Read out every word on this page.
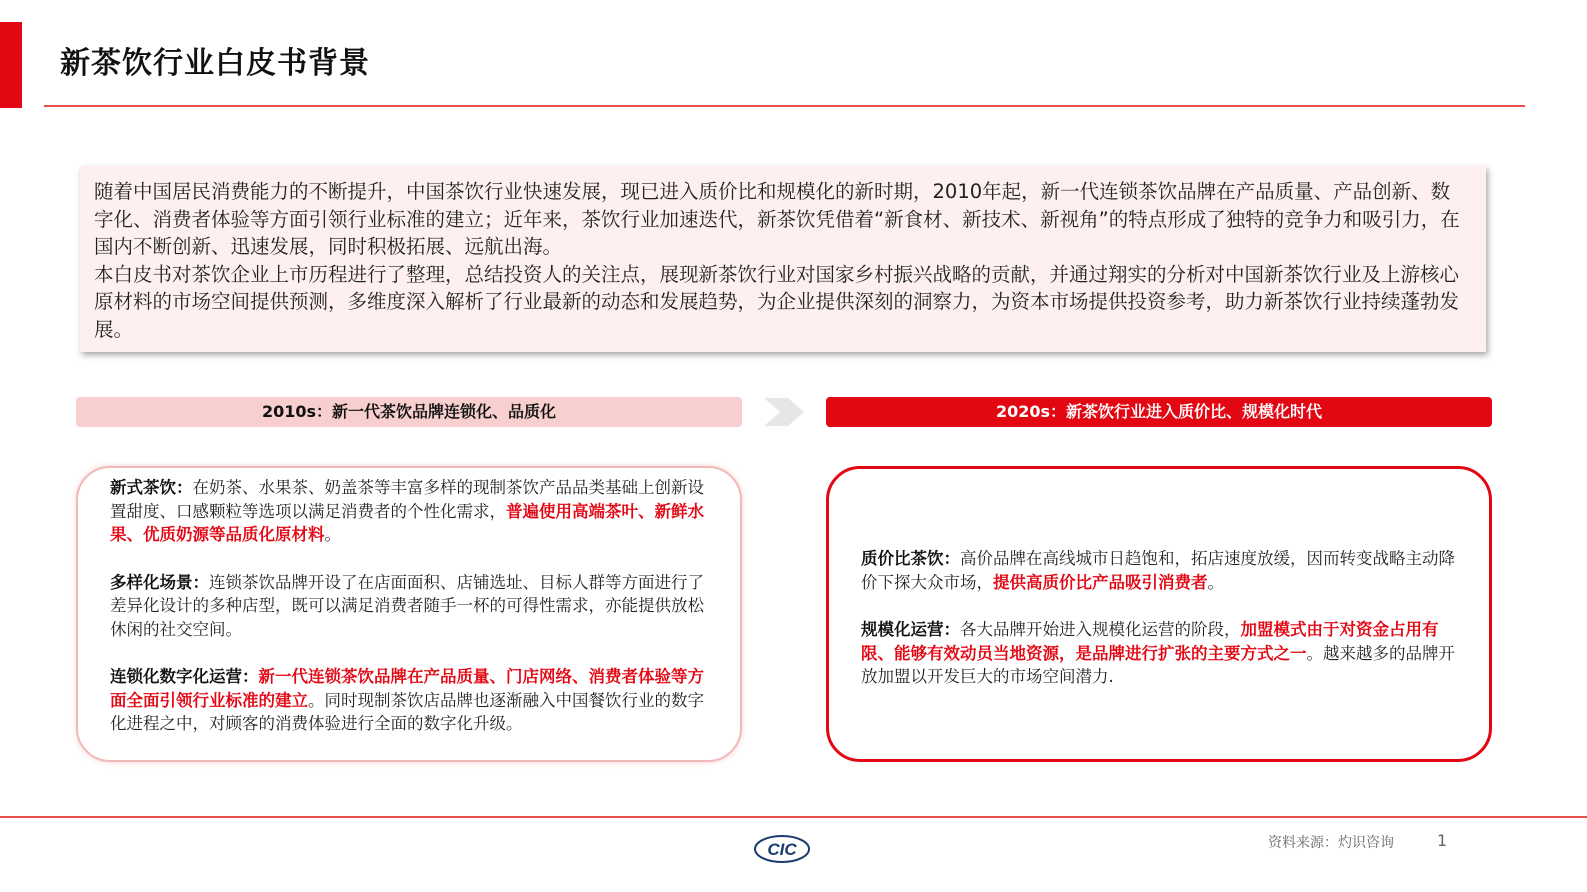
新茶饮行业白皮书背景

随着中国居民消费能力的不断提升，中国茶饮行业快速发展，现已进入质价比和规模化的新时期，2010年起，新一代连锁茶饮品牌在产品质量、产品创新、数字化、消费者体验等方面引领行业标准的建立；近年来，茶饮行业加速迭代，新茶饮凭借着“新食材、新技术、新视角”的特点形成了独特的竞争力和吸引力，在国内不断创新、迅速发展，同时积极拓展、远航出海。

本白皮书对茶饮企业上市历程进行了整理，总结投资人的关注点，展现新茶饮行业对国家乡村振兴战略的贡献，并通过翔实的分析对中国新茶饮行业及上游核心原材料的市场空间提供预测，多维度深入解析了行业最新的动态和发展趋势，为企业提供深刻的洞察力，为资本市场提供投资参考，助力新茶饮行业持续蓬勃发展。

2010s：新一代茶饮品牌连锁化、品质化	2020s：新茶饮行业进入质价比、规模化时代
新式茶饮：在奶茶、水果茶、奶盖茶等丰富多样的现制茶饮产品品类基础上创新设置甜度、口感颗粒等选项以满足消费者的个性化需求，普遍使用高端茶叶、新鲜水果、优质奶源等品质化原材料。
多样化场景：连锁茶饮品牌开设了在店面面积、店铺选址、目标人群等方面进行了差异化设计的多种店型，既可以满足消费者随手一杯的可得性需求，亦能提供放松休闲的社交空间。
连锁化数字化运营：新一代连锁茶饮品牌在产品质量、门店网络、消费者体验等方面全面引领行业标准的建立。同时现制茶饮店品牌也逐渐融入中国餐饮行业的数字化进程之中，对顾客的消费体验进行全面的数字化升级。
质价比茶饮：高价品牌在高线城市日趋饱和，拓店速度放缓，因而转变战略主动降价下探大众市场，提供高质价比产品吸引消费者。
规模化运营：各大品牌开始进入规模化运营的阶段，加盟模式由于对资金占用有限、能够有效动员当地资源，是品牌进行扩张的主要方式之一。越来越多的品牌开放加盟以开发巨大的市场空间潜力.
CIC	资料来源：灼识咨询	1
